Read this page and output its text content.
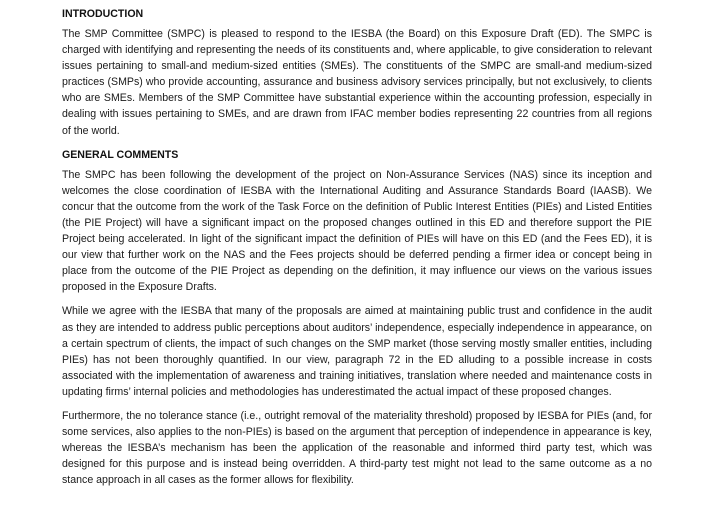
INTRODUCTION

The SMP Committee (SMPC) is pleased to respond to the IESBA (the Board) on this Exposure Draft (ED). The SMPC is charged with identifying and representing the needs of its constituents and, where applicable, to give consideration to relevant issues pertaining to small-and medium-sized entities (SMEs). The constituents of the SMPC are small-and medium-sized practices (SMPs) who provide accounting, assurance and business advisory services principally, but not exclusively, to clients who are SMEs. Members of the SMP Committee have substantial experience within the accounting profession, especially in dealing with issues pertaining to SMEs, and are drawn from IFAC member bodies representing 22 countries from all regions of the world.

GENERAL COMMENTS

The SMPC has been following the development of the project on Non-Assurance Services (NAS) since its inception and welcomes the close coordination of IESBA with the International Auditing and Assurance Standards Board (IAASB). We concur that the outcome from the work of the Task Force on the definition of Public Interest Entities (PIEs) and Listed Entities (the PIE Project) will have a significant impact on the proposed changes outlined in this ED and therefore support the PIE Project being accelerated. In light of the significant impact the definition of PIEs will have on this ED (and the Fees ED), it is our view that further work on the NAS and the Fees projects should be deferred pending a firmer idea or concept being in place from the outcome of the PIE Project as depending on the definition, it may influence our views on the various issues proposed in the Exposure Drafts.

While we agree with the IESBA that many of the proposals are aimed at maintaining public trust and confidence in the audit as they are intended to address public perceptions about auditors’ independence, especially independence in appearance, on a certain spectrum of clients, the impact of such changes on the SMP market (those serving mostly smaller entities, including PIEs) has not been thoroughly quantified. In our view, paragraph 72 in the ED alluding to a possible increase in costs associated with the implementation of awareness and training initiatives, translation where needed and maintenance costs in updating firms’ internal policies and methodologies has underestimated the actual impact of these proposed changes.

Furthermore, the no tolerance stance (i.e., outright removal of the materiality threshold) proposed by IESBA for PIEs (and, for some services, also applies to the non-PIEs) is based on the argument that perception of independence in appearance is key, whereas the IESBA’s mechanism has been the application of the reasonable and informed third party test, which was designed for this purpose and is instead being overridden. A third-party test might not lead to the same outcome as a no stance approach in all cases as the former allows for flexibility.
